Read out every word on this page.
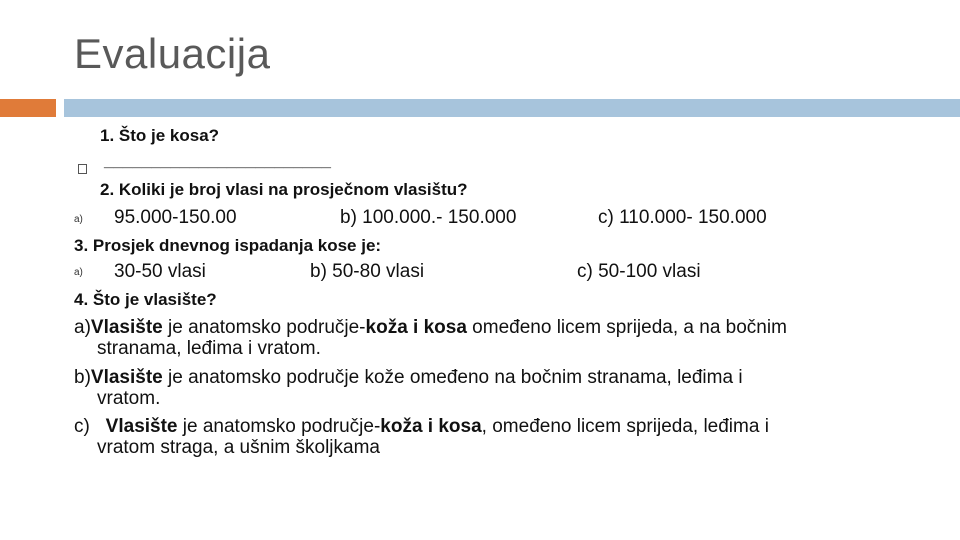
Evaluacija
1. Što je kosa?
________________________
2. Koliki je broj vlasi na prosječnom vlasištu?
a) 95.000-150.00	b) 100.000.- 150.000	c) 110.000- 150.000
3. Prosjek dnevnog ispadanja kose je:
a) 30-50 vlasi	b) 50-80 vlasi	c) 50-100 vlasi
4. Što je vlasište?
a)Vlasište je anatomsko područje-koža i kosa omeđeno licem sprijeda, a na bočnim
stranama, leđima i vratom.
b)Vlasište je anatomsko područje kože omeđeno na bočnim stranama, leđima i
vratom.
c)   Vlasište je anatomsko područje-koža i kosa, omeđeno licem sprijeda, leđima i
vratom straga, a ušnim školjkama
